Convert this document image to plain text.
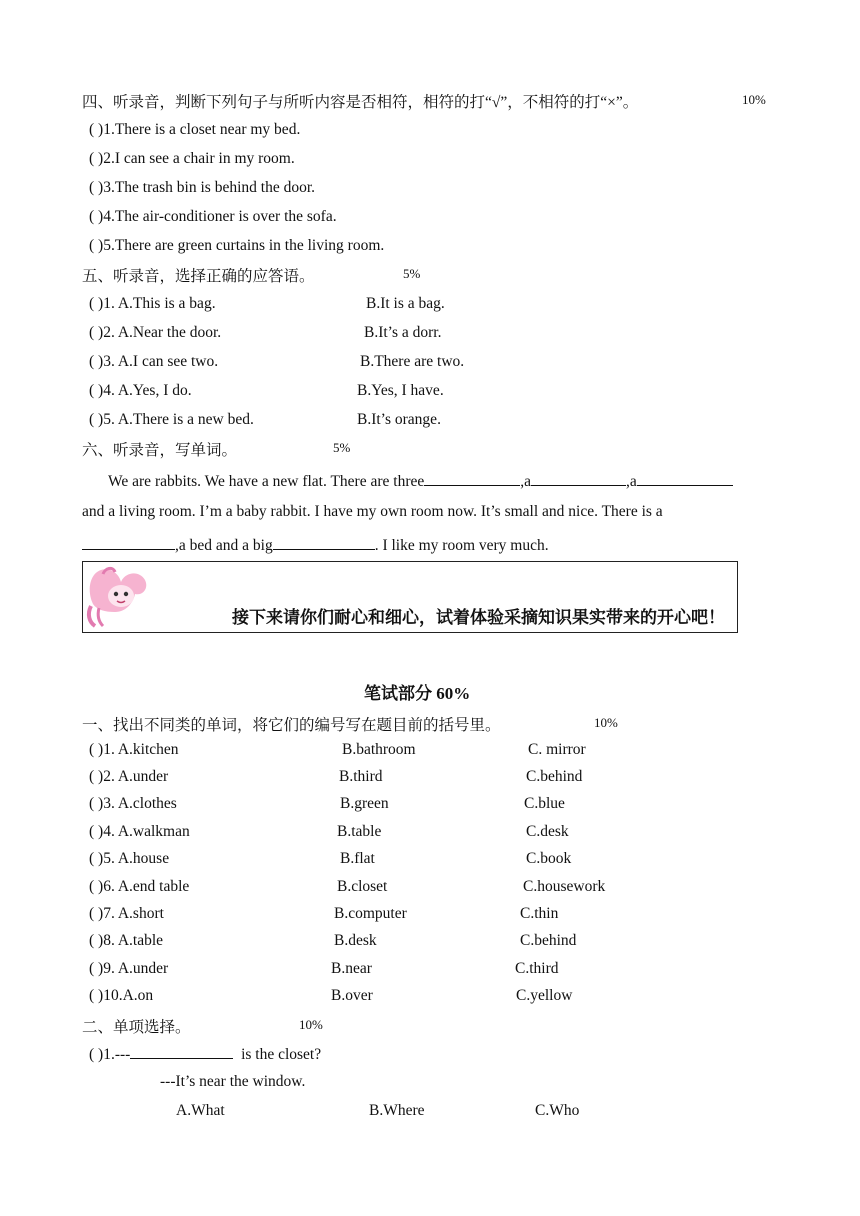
四、听录音，判断下列句子与所听内容是否相符，相符的打“√”，不相符的打“×”。	10%
( )1.There is a closet near my bed.
( )2.I can see a chair in my room.
( )3.The trash bin is behind the door.
( )4.The air-conditioner is over the sofa.
( )5.There are green curtains in the living room.
五、听录音，选择正确的应答语。	5%
( )1. A.This is a bag.	B.It is a bag.
( )2. A.Near the door.	B.It’s a dorr.
( )3. A.I can see two.	B.There are two.
( )4. A.Yes, I do.	B.Yes, I have.
( )5. A.There is a new bed.	B.It’s orange.
六、听录音，写单词。	5%
We are rabbits. We have a new flat. There are three	,a	,a
and a living room. I’m a baby rabbit. I have my own room now. It’s small and nice. There is a
,a bed and a big	. I like my room very much.
接下来请你们耐心和细心，试着体验采摘知识果实带来的开心吧！
笔试部分 60%
一、找出不同类的单词，将它们的编号写在题目前的括号里。	10%
( )1. A.kitchen	B.bathroom	C. mirror
( )2. A.under	B.third	C.behind
( )3. A.clothes	B.green	C.blue
( )4. A.walkman	B.table	C.desk
( )5. A.house	B.flat	C.book
( )6. A.end table	B.closet	C.housework
( )7. A.short	B.computer	C.thin
( )8. A.table	B.desk	C.behind
( )9. A.under	B.near	C.third
( )10.A.on	B.over	C.yellow
二、单项选择。	10%
( )1.---	is the closet?
---It’s near the window.
A.What	B.Where	C.Who
